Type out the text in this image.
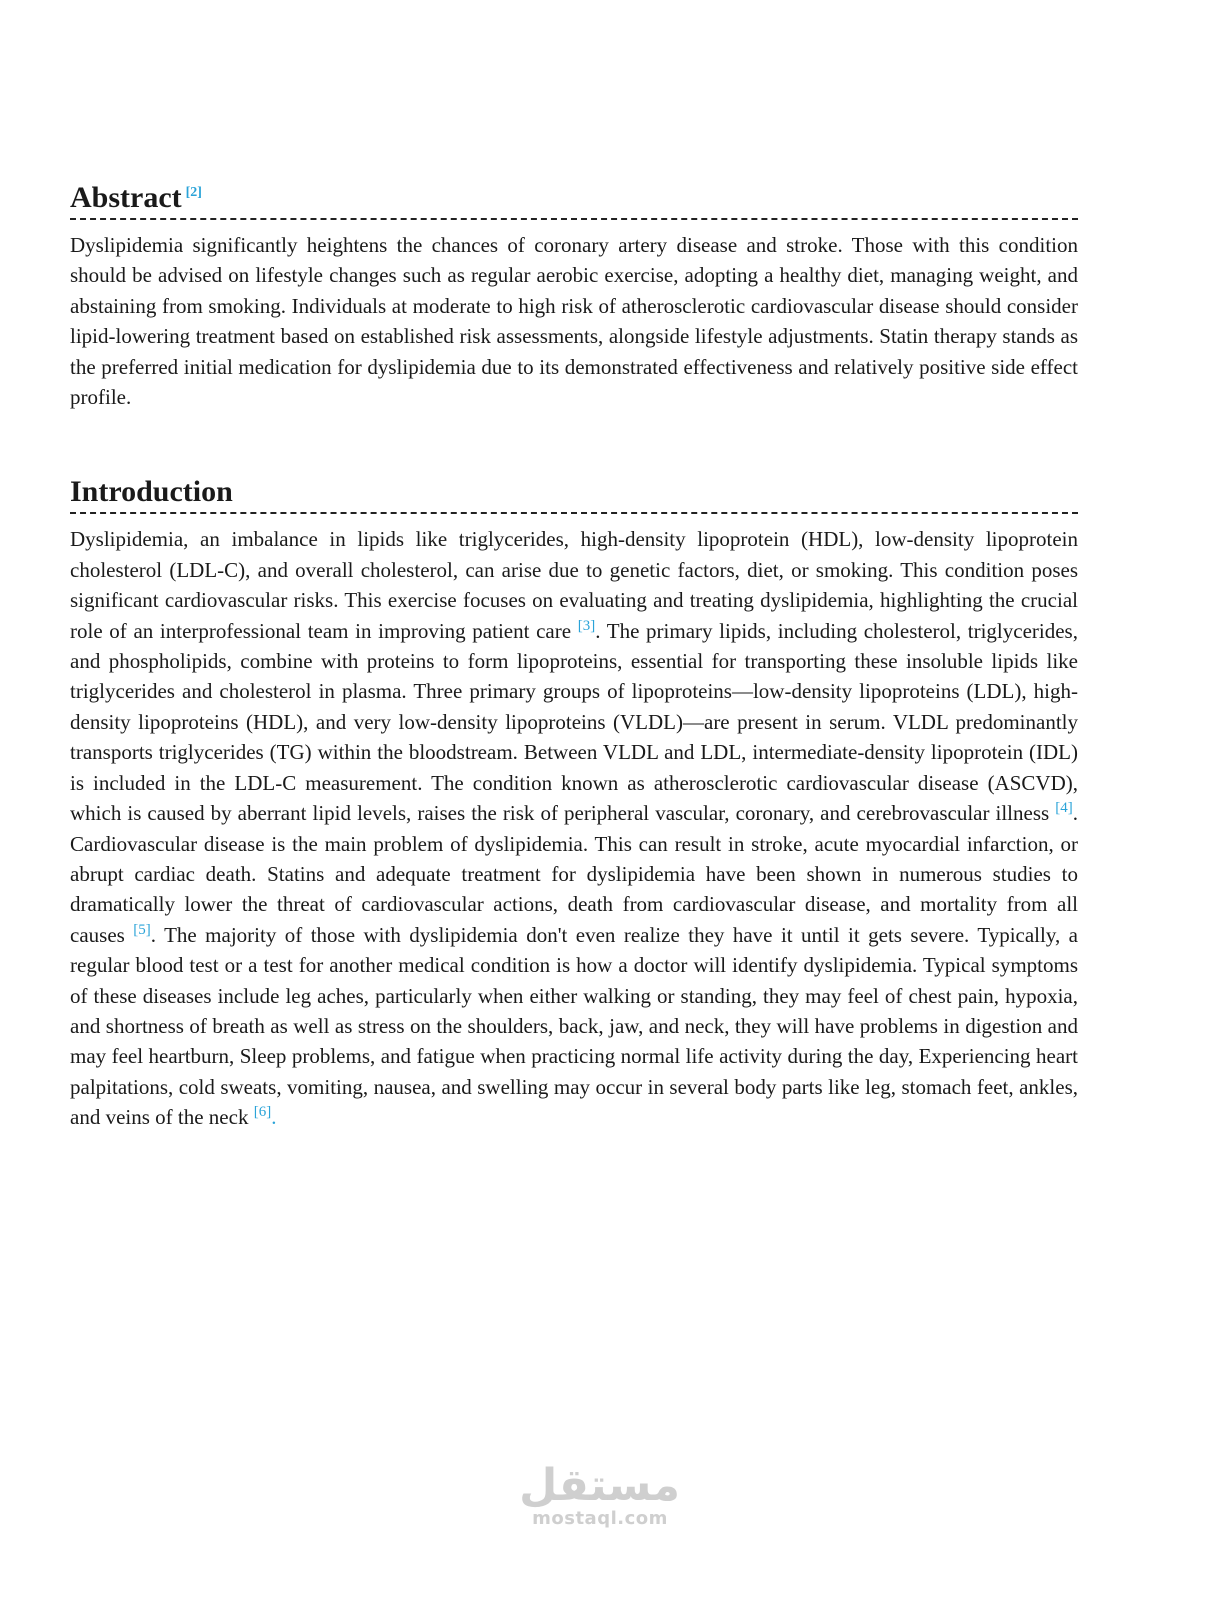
Abstract [2]

Dyslipidemia significantly heightens the chances of coronary artery disease and stroke. Those with this condition should be advised on lifestyle changes such as regular aerobic exercise, adopting a healthy diet, managing weight, and abstaining from smoking. Individuals at moderate to high risk of atherosclerotic cardiovascular disease should consider lipid-lowering treatment based on established risk assessments, alongside lifestyle adjustments. Statin therapy stands as the preferred initial medication for dyslipidemia due to its demonstrated effectiveness and relatively positive side effect profile.

Introduction

Dyslipidemia, an imbalance in lipids like triglycerides, high-density lipoprotein (HDL), low-density lipoprotein cholesterol (LDL-C), and overall cholesterol, can arise due to genetic factors, diet, or smoking. This condition poses significant cardiovascular risks. This exercise focuses on evaluating and treating dyslipidemia, highlighting the crucial role of an interprofessional team in improving patient care [3]. The primary lipids, including cholesterol, triglycerides, and phospholipids, combine with proteins to form lipoproteins, essential for transporting these insoluble lipids like triglycerides and cholesterol in plasma. Three primary groups of lipoproteins—low-density lipoproteins (LDL), high-density lipoproteins (HDL), and very low-density lipoproteins (VLDL)—are present in serum. VLDL predominantly transports triglycerides (TG) within the bloodstream. Between VLDL and LDL, intermediate-density lipoprotein (IDL) is included in the LDL-C measurement. The condition known as atherosclerotic cardiovascular disease (ASCVD), which is caused by aberrant lipid levels, raises the risk of peripheral vascular, coronary, and cerebrovascular illness [4]. Cardiovascular disease is the main problem of dyslipidemia. This can result in stroke, acute myocardial infarction, or abrupt cardiac death. Statins and adequate treatment for dyslipidemia have been shown in numerous studies to dramatically lower the threat of cardiovascular actions, death from cardiovascular disease, and mortality from all causes [5]. The majority of those with dyslipidemia don't even realize they have it until it gets severe. Typically, a regular blood test or a test for another medical condition is how a doctor will identify dyslipidemia. Typical symptoms of these diseases include leg aches, particularly when either walking or standing, they may feel of chest pain, hypoxia, and shortness of breath as well as stress on the shoulders, back, jaw, and neck, they will have problems in digestion and may feel heartburn, Sleep problems, and fatigue when practicing normal life activity during the day, Experiencing heart palpitations, cold sweats, vomiting, nausea, and swelling may occur in several body parts like leg, stomach feet, ankles, and veins of the neck [6].

مستقل
mostaql.com
